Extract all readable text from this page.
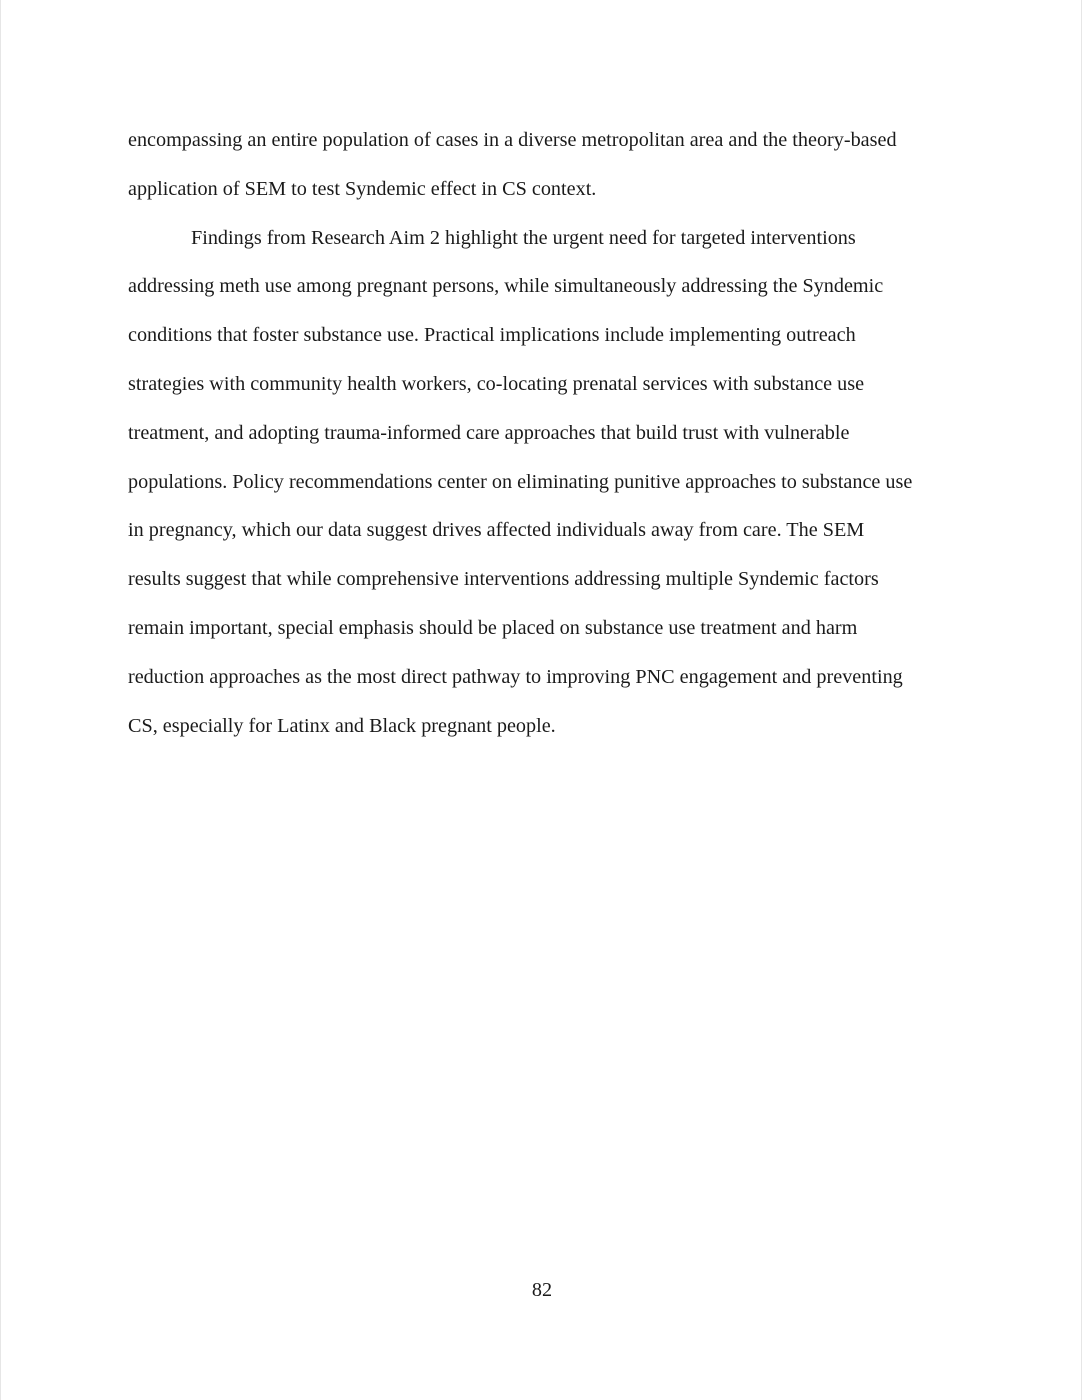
encompassing an entire population of cases in a diverse metropolitan area and the theory-based
application of SEM to test Syndemic effect in CS context.

Findings from Research Aim 2 highlight the urgent need for targeted interventions
addressing meth use among pregnant persons, while simultaneously addressing the Syndemic
conditions that foster substance use. Practical implications include implementing outreach
strategies with community health workers, co-locating prenatal services with substance use
treatment, and adopting trauma-informed care approaches that build trust with vulnerable
populations. Policy recommendations center on eliminating punitive approaches to substance use
in pregnancy, which our data suggest drives affected individuals away from care. The SEM
results suggest that while comprehensive interventions addressing multiple Syndemic factors
remain important, special emphasis should be placed on substance use treatment and harm
reduction approaches as the most direct pathway to improving PNC engagement and preventing
CS, especially for Latinx and Black pregnant people.

82
